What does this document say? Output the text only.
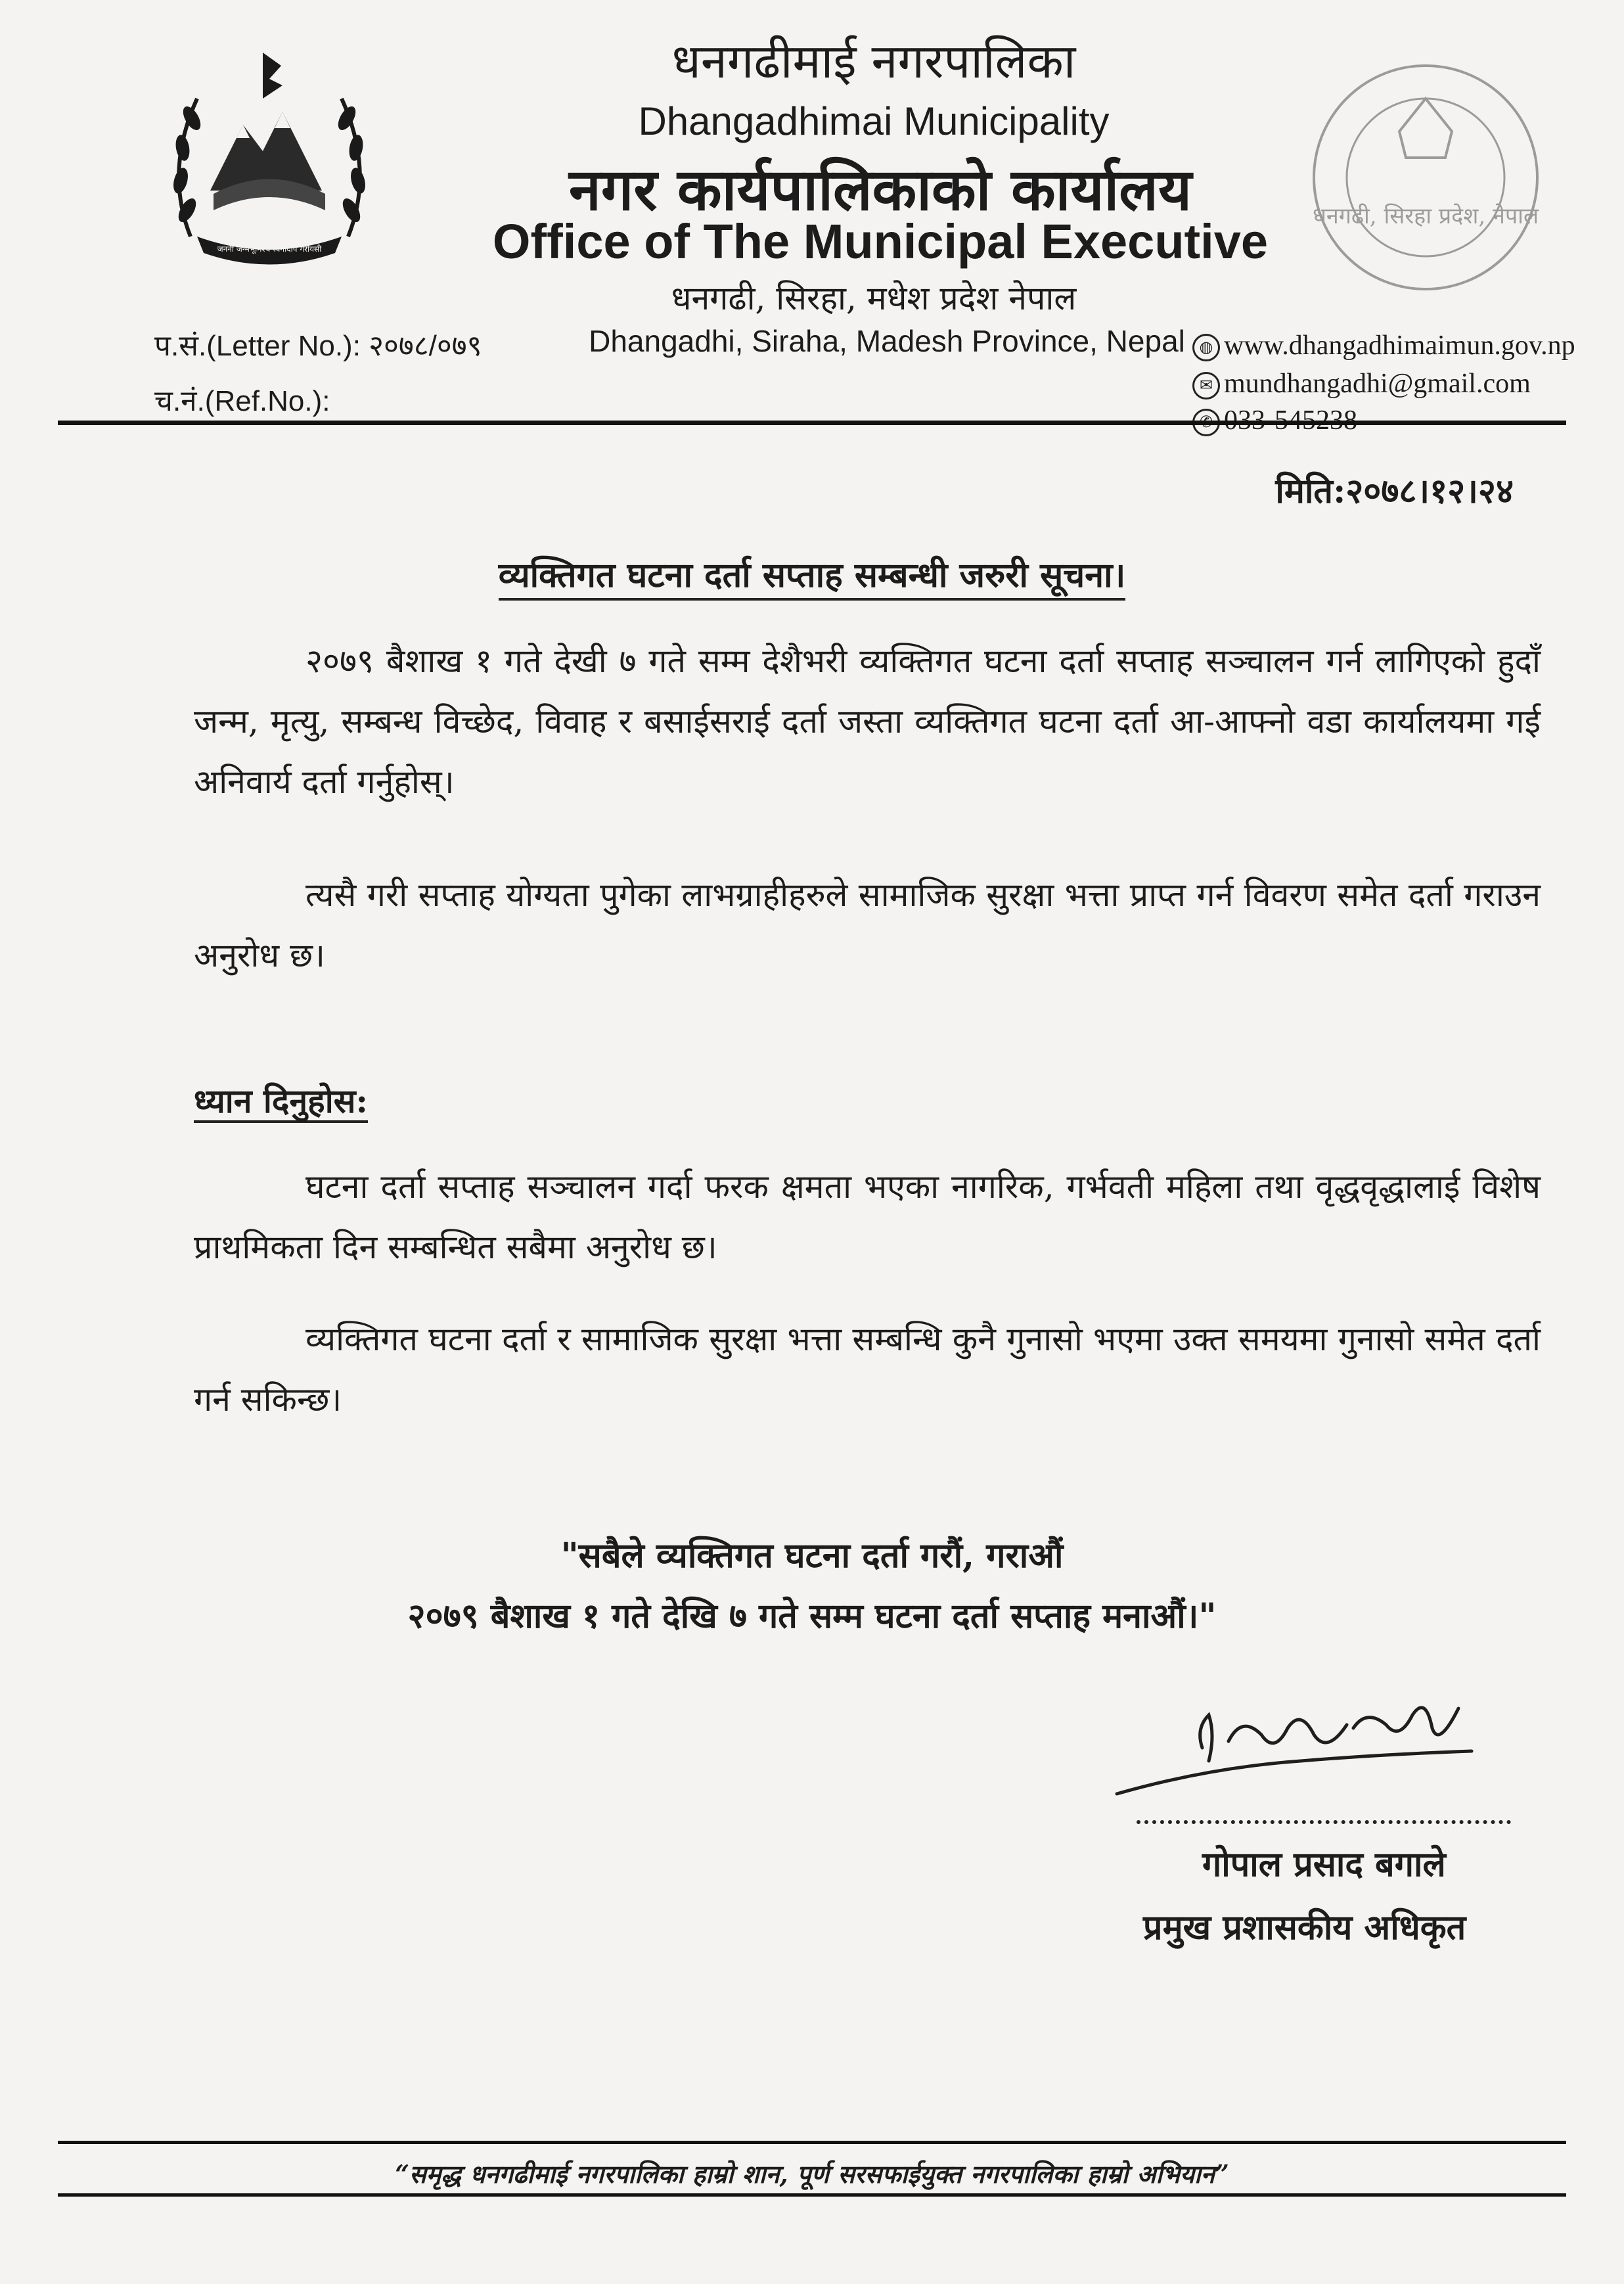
जननी जन्मभूमिश्च स्वर्गादपि गरीयसी
धनगढीमाई नगरपालिका
Dhangadhimai Municipality
नगर कार्यपालिकाको कार्यालय
Office of The Municipal Executive
धनगढी, सिरहा, मधेश प्रदेश नेपाल
Dhangadhi, Siraha, Madesh Province, Nepal
प.सं.(Letter No.): २०७८/०७९
च.नं.(Ref.No.):
◍ www.dhangadhimaimun.gov.np
✉ mundhangadhi@gmail.com
धनगढी, सिरहा प्रदेश, नेपाल
मिति:२०७८।१२।२४
व्यक्तिगत घटना दर्ता सप्ताह सम्बन्धी जरुरी सूचना।

२०७९ बैशाख १ गते देखी ७ गते सम्म देशैभरी व्यक्तिगत घटना दर्ता सप्ताह सञ्चालन गर्न लागिएको हुदाँ जन्म, मृत्यु, सम्बन्ध विच्छेद, विवाह र बसाईसराई दर्ता जस्ता व्यक्तिगत घटना दर्ता आ-आफ्नो वडा कार्यालयमा गई अनिवार्य दर्ता गर्नुहोस्।

त्यसै गरी सप्ताह योग्यता पुगेका लाभग्राहीहरुले सामाजिक सुरक्षा भत्ता प्राप्त गर्न विवरण समेत दर्ता गराउन अनुरोध छ।

ध्यान दिनुहोस:

घटना दर्ता सप्ताह सञ्चालन गर्दा फरक क्षमता भएका नागरिक, गर्भवती महिला तथा वृद्धवृद्धालाई विशेष प्राथमिकता दिन सम्बन्धित सबैमा अनुरोध छ।

व्यक्तिगत घटना दर्ता र सामाजिक सुरक्षा भत्ता सम्बन्धि कुनै गुनासो भएमा उक्त समयमा गुनासो समेत दर्ता गर्न सकिन्छ।

"सबैले व्यक्तिगत घटना दर्ता गरौं, गराऔं
२०७९ बैशाख १ गते देखि ७ गते सम्म घटना दर्ता सप्ताह मनाऔं।"
गोपाल प्रसाद बगाले
प्रमुख प्रशासकीय अधिकृत
“समृद्ध धनगढीमाई नगरपालिका हाम्रो शान, पूर्ण सरसफाईयुक्त नगरपालिका हाम्रो अभियान”
